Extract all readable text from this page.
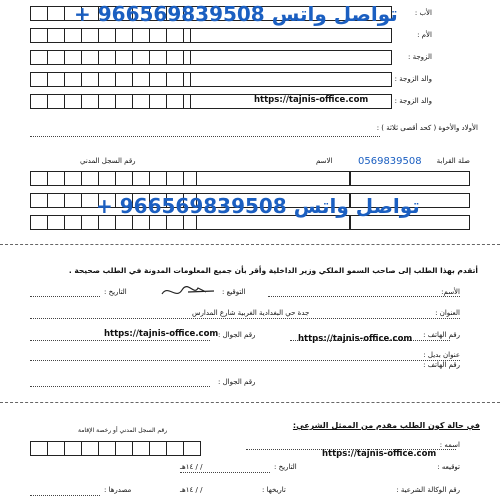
الأب :
الأم :
الزوجة :
والد الزوجة :
والد الزوجة :
https://tajnis-office.com
الأولاد والأخوة ( كحد أقصى ثلاثة ) :
رقم السجل المدني	الاسم	صلة القرابة
0569839508
تواصل واتس 966569839508 +
تواصل واتس 966569839508 +
أتقدم بهذا الطلب إلى صاحب السمو الملكي وزير الداخلية وأقر بأن جميع المعلومات المدونة في الطلب صحيحة .
الأسم:
التوقيع :
التاريخ :
العنوان :
جدة حي البغدادية الغربية شارع المدارس
رقم الهاتف :
رقم الجوال :
https://tajnis-office.com	https://tajnis-office.com
عنوان بديل :
رقم الهاتف :
رقم الجوال :
في حالة كون الطلب مقدم من الممثل الشرعي:
رقم السجل المدني أو رخصة الإقامة
اسمه :
https://tajnis-office.com
توقيعه :
التاريخ :
/ / ١٤هـ
رقم الوكالة الشرعية :
تاريخها :
/ / ١٤هـ
مصدرها :
